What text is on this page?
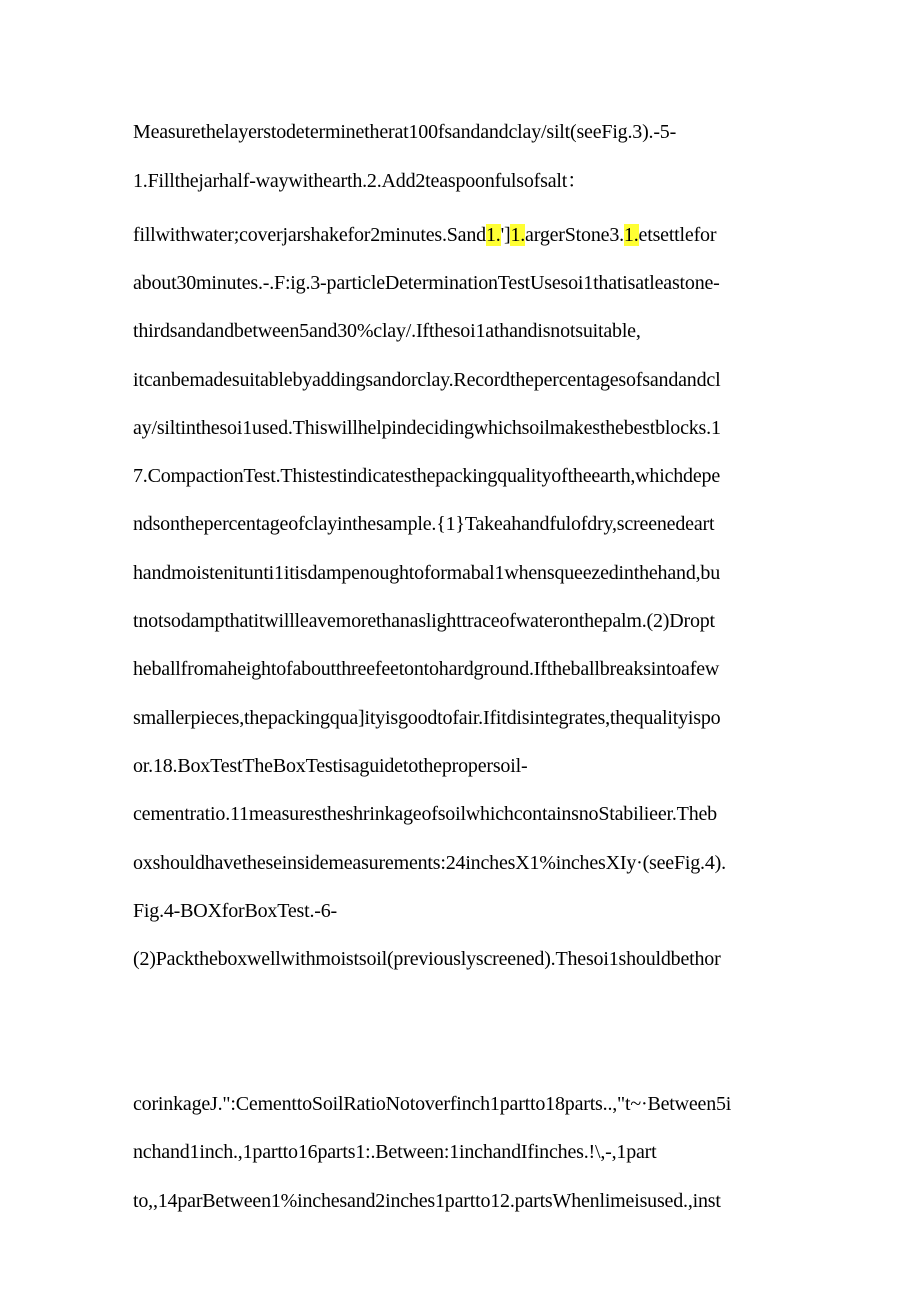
Measurethelayerstodeterminetherat100fsandandclay/silt(seeFig.3).-5-
1.Fillthejarhalf-waywithearth.2.Add2teaspoonfulsofsalt：
fillwithwater;coverjarshakefor2minutes.Sand1.']1.argerStone3.1.etsettlefor
about30minutes.-.F:ig.3-particleDeterminationTestUsesoi1thatisatleastone-
thirdsandandbetween5and30%clay/.Ifthesoi1athandisnotsuitable,
itcanbemadesuitablebyaddingsandorclay.Recordthepercentagesofsandandcl
ay/siltinthesoi1used.Thiswillhelpindecidingwhichsoilmakesthebestblocks.1
7.CompactionTest.Thistestindicatesthepackingqualityoftheearth,whichdepe
ndsonthepercentageofclayinthesample.{1}Takeahandfulofdry,screenedeart
handmoistenitunti1itisdampenoughtoformabal1whensqueezedinthehand,bu
tnotsodampthatitwillleavemorethanaslighttraceofwateronthepalm.(2)Dropt
heballfromaheightofaboutthreefeetontohardground.Iftheballbreaksintoafew
smallerpieces,thepackingqua]ityisgoodtofair.Ifitdisintegrates,thequalityispo
or.18.BoxTestTheBoxTestisaguidetothepropersoil-
cementratio.11measurestheshrinkageofsoilwhichcontainsnoStabilieer.Theb
oxshouldhavetheseinsidemeasurements:24inchesX1%inchesXIy·(seeFig.4).
Fig.4-BOXforBoxTest.-6-
(2)Packtheboxwellwithmoistsoil(previouslyscreened).Thesoi1shouldbethor
corinkageJ.":CementtoSoilRatioNotoverfinch1partto18parts..,"t~·Between5i
nchand1inch.,1partto16parts1:.Between:1inchandIfinches.!\,-,1part
to,,14parBetween1%inchesand2inches1partto12.partsWhenlimeisused.,inst
